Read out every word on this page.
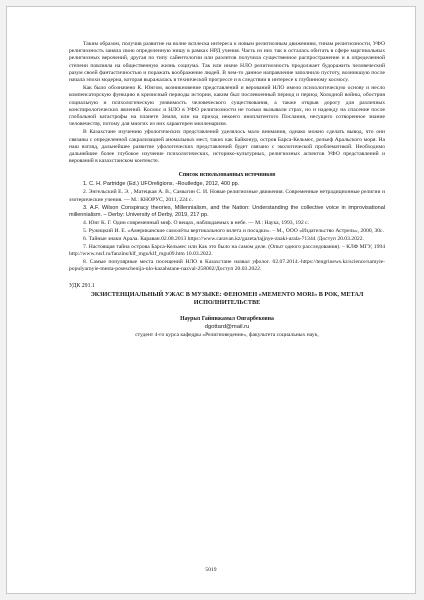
Таким образом, получив развитие на волне всплеска интереса к новым религиозным движениям, тинам религиозности, УФО религиозность заняла свою определенную нишу в рамках НРД учения. Часть из них так и осталась обитать в сфере маргинальных религиозных верочений, другая по типу сайентологии или раэлитов получила существенное распространение и в определенной степени повлияла на общественную жизнь социума. Так или иначе НЛО религиозность продолжает будоражить человеческий разум своей фантастичностью и поражать воображение людей. В чем-то данное направление заполнило пустоту, возникшую после начала эпохи модерна, которая выражалась в технической прогрессе и в следствии в интересе к глубинному космосу.

Как было обозначено К. Юнгом, возникновение представлений и верований НЛО имело психологическую основу и несло компенсаторскую функцию в кризисный периоды истории, каким был послевоенный период и период Холодной войны, обострия социальную и психологическую уязвимость человеческого существования, а также открыв дорогу для различных конспирологических явлений. Космос и НЛО в УФО религиозности не только вызывали страх, но и надежду на спасение после глобальной катастрофы на планете Земля, или на приход некоего иноплатентого Послания, несущего сотворенное знание человечеству, потому для многих из них характерен милленаризм.

В Казахстане изучению уфологических представлений уделялось мало внимания, однако можно сделать вывод, что они связаны с определенной сакрализацией аномальных мест, таких как Байконур, остров Барса-Кельмес, рельеф Аральского моря. На наш взгляд, дальнейшее развитие уфологических представлений будет связано с экологической проблематикой. Необходимо дальнейшее более глубокое изучение психологических, историко-культурных, религиозных аспектов УФО представлений и верований в казахстанском контексте.

Список использованных источников

1. C. H. Partridge (Ed.) UFOreligions. -Routledge, 2012, 400 pp.

2. Энгельский Е. Э. , Матецкая А. В., Самыгин С. И. Новые религиозные движения. Современные нетрадиционные религии и эзотерические учения. — М.: КНОРУС, 2011, 224 с.

3. A.F. Wilson Conspiracy theories, Millennialism, and the Nation: Understanding the collective voice in improvisational millennialism. – Derby: University of Derby, 2019, 217 pp.

4. Юнг К. Г. Один современный миф. О вещах, наблюдаемых в небе. — М.: Наука, 1993, 192 с.

5. Ружицкий И. Е. «Американские самолёты вертикального взлета и посадки». – М., ООО «Издательство Астрель», 2000, 30с.

6. Тайные знаки Арала. Караван.02.08.2013 https://www.caravan.kz/gazeta/tajjnye-znaki-arala-71344 /Доступ 20.03.2022.

7. Настоящая тайна острова Барса-Кельмес или Как это было на самом деле. (Опыт одного расследования). – КЛФ МГУ, 1994 http://www.rusf.ru/fanzins/klf_mgu/klf_mgu09.htm 10.03.2022.

8. Самые популярные места посещений НЛО в Казахстане назвал уфолог. 02.07.2014.-https://tengrinews.kz/science/samyie-populyarnyie-mesta-poseschenija-nlo-kazahstane-nazval-258002/Доступ 20.03.2022.

УДК 291.1

ЭКЗИСТЕНЦИАЛЬНЫЙ УЖАС В МУЗЫКЕ: ФЕНОМЕН «MEMENTO MORI» В РОК, МЕТАЛ ИСПОЛНИТЕЛЬСТВЕ

Наурыз Гайнижамал Онгарбековна

dgottard@mail.ru

студент 4-го курса кафедры «Религиоведение», факультета социальных наук,

5019
